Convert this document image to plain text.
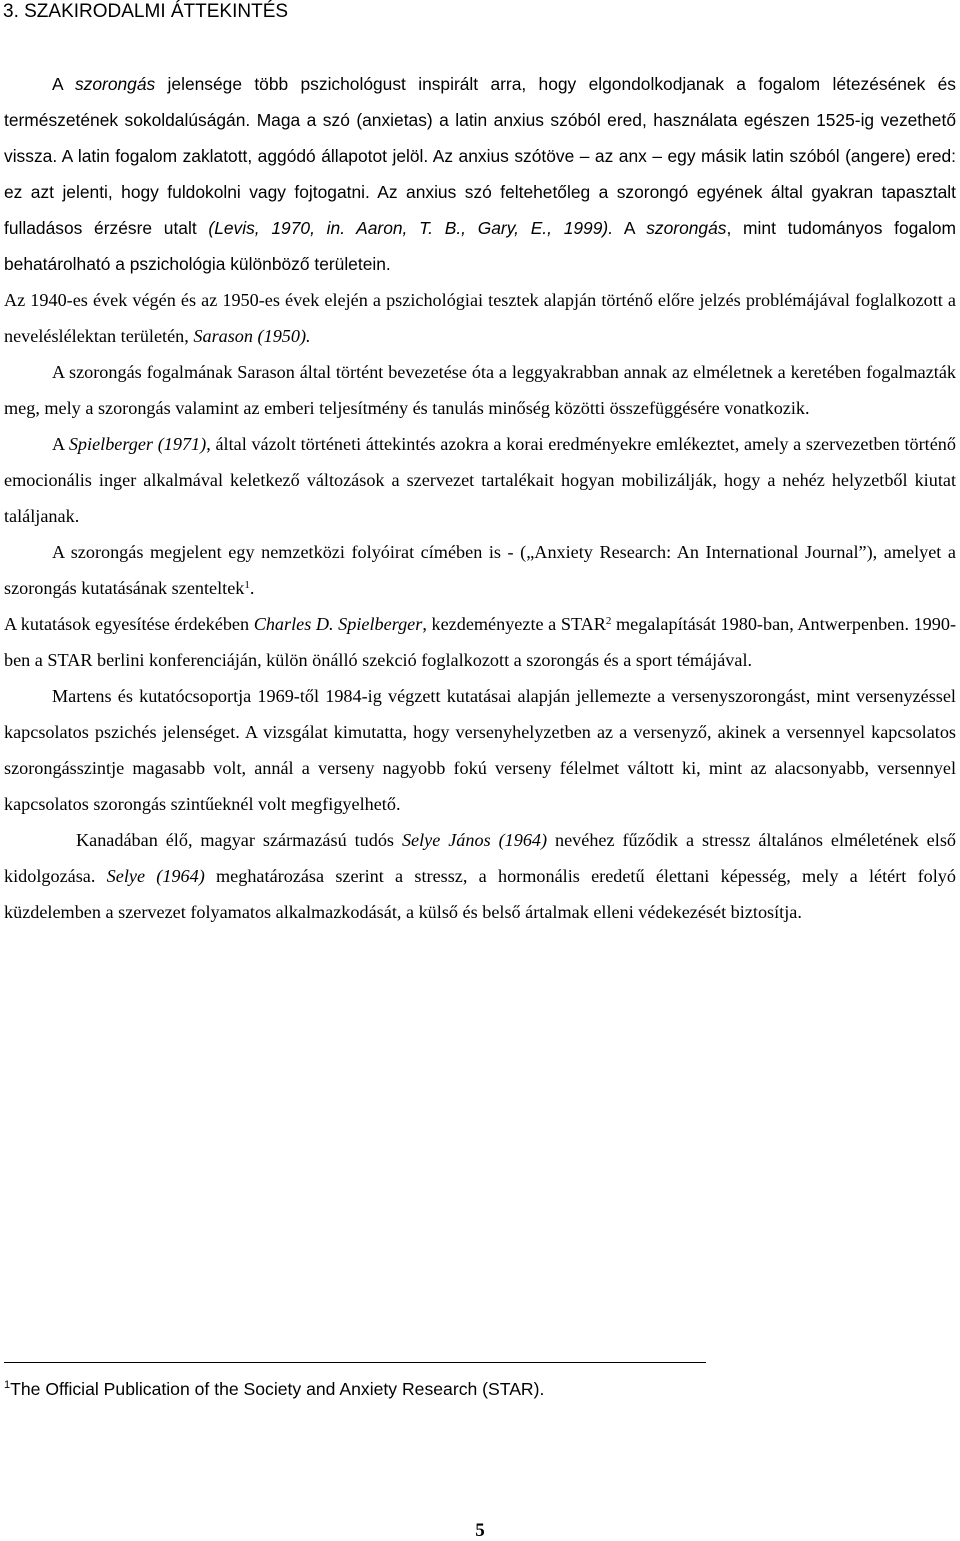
3. SZAKIRODALMI ÁTTEKINTÉS

A szorongás jelensége több pszichológust inspirált arra, hogy elgondolkodjanak a fogalom létezésének és természetének sokoldalúságán. Maga a szó (anxietas) a latin anxius szóból ered, használata egészen 1525-ig vezethető vissza. A latin fogalom zaklatott, aggódó állapotot jelöl. Az anxius szótöve – az anx – egy másik latin szóból (angere) ered: ez azt jelenti, hogy fuldokolni vagy fojtogatni. Az anxius szó feltehetőleg a szorongó egyének által gyakran tapasztalt fulladásos érzésre utalt (Levis, 1970, in. Aaron, T. B., Gary, E., 1999). A szorongás, mint tudományos fogalom behatárolható a pszichológia különböző területein.

Az 1940-es évek végén és az 1950-es évek elején a pszichológiai tesztek alapján történő előre jelzés problémájával foglalkozott a neveléslélektan területén, Sarason (1950).

A szorongás fogalmának Sarason által történt bevezetése óta a leggyakrabban annak az elméletnek a keretében fogalmazták meg, mely a szorongás valamint az emberi teljesítmény és tanulás minőség közötti összefüggésére vonatkozik.

A Spielberger (1971), által vázolt történeti áttekintés azokra a korai eredményekre emlékeztet, amely a szervezetben történő emocionális inger alkalmával keletkező változások a szervezet tartalékait hogyan mobilizálják, hogy a nehéz helyzetből kiutat találjanak.

A szorongás megjelent egy nemzetközi folyóirat címében is - („Anxiety Research: An International Journal”), amelyet a szorongás kutatásának szenteltek$^1$.

A kutatások egyesítése érdekében Charles D. Spielberger, kezdeményezte a STAR$^2$ megalapítását 1980-ban, Antwerpenben. 1990-ben a STAR berlini konferenciáján, külön önálló szekció foglalkozott a szorongás és a sport témájával.

Martens és kutatócsoportja 1969-től 1984-ig végzett kutatásai alapján jellemezte a versenyszorongást, mint versenyzéssel kapcsolatos pszichés jelenséget. A vizsgálat kimutatta, hogy versenyhelyzetben az a versenyző, akinek a versennyel kapcsolatos szorongásszintje magasabb volt, annál a verseny nagyobb fokú verseny félelmet váltott ki, mint az alacsonyabb, versennyel kapcsolatos szorongás szintűeknél volt megfigyelhető.

Kanadában élő, magyar származású tudós Selye János (1964) nevéhez fűződik a stressz általános elméletének első kidolgozása. Selye (1964) meghatározása szerint a stressz, a hormonális eredetű élettani képesség, mely a létért folyó küzdelemben a szervezet folyamatos alkalmazkodását, a külső és belső ártalmak elleni védekezését biztosítja.

$^1$The Official Publication of the Society and Anxiety Research (STAR).

5
